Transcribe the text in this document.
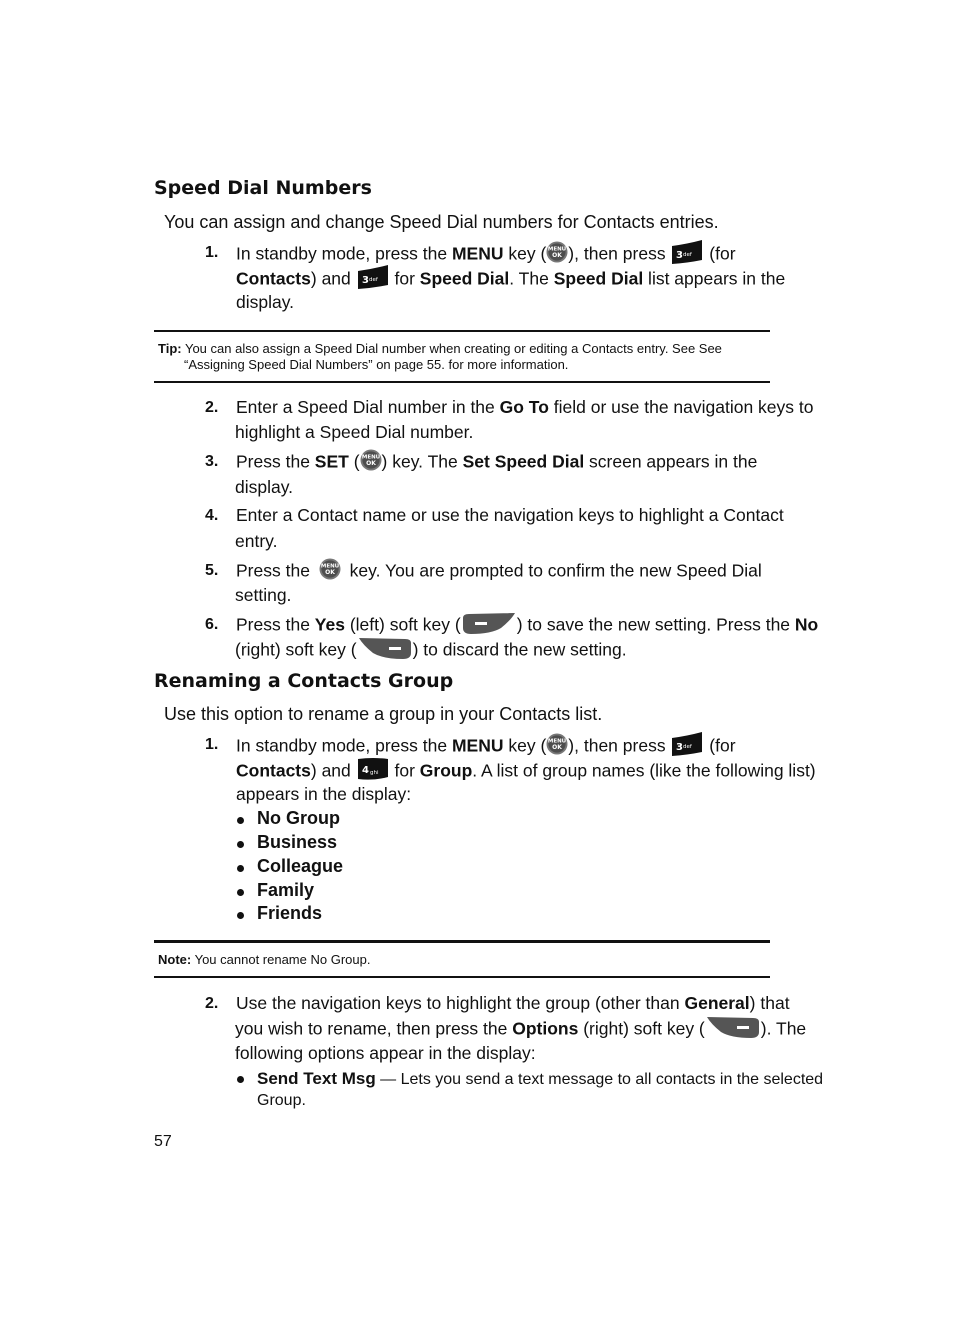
Speed Dial Numbers
You can assign and change Speed Dial numbers for Contacts entries.
1. In standby mode, press the MENU key ( MENU
OK ), then press 3 def (for
Contacts) and 3 def for Speed Dial. The Speed Dial list appears in the
display.
Tip: You can also assign a Speed Dial number when creating or editing a Contacts entry. See See
“Assigning Speed Dial Numbers” on page 55. for more information.
2. Enter a Speed Dial number in the Go To field or use the navigation keys to
highlight a Speed Dial number.
3. Press the SET ( MENU
OK ) key. The Set Speed Dial screen appears in the
display.
4. Enter a Contact name or use the navigation keys to highlight a Contact
entry.
5. Press the MENU
OK key. You are prompted to confirm the new Speed Dial
setting.
6. Press the Yes (left) soft key (	) to save the new setting. Press the No
(right) soft key (	) to discard the new setting.
Renaming a Contacts Group
Use this option to rename a group in your Contacts list.
1. In standby mode, press the MENU key ( MENU
OK ), then press 3 def (for
Contacts) and 4 ghi for Group. A list of group names (like the following list)
appears in the display:
No Group
Business
Colleague
Family
Friends
Note: You cannot rename No Group.
2. Use the navigation keys to highlight the group (other than General) that
you wish to rename, then press the Options (right) soft key (	). The
following options appear in the display:
Send Text Msg — Lets you send a text message to all contacts in the selected
Group.
57
